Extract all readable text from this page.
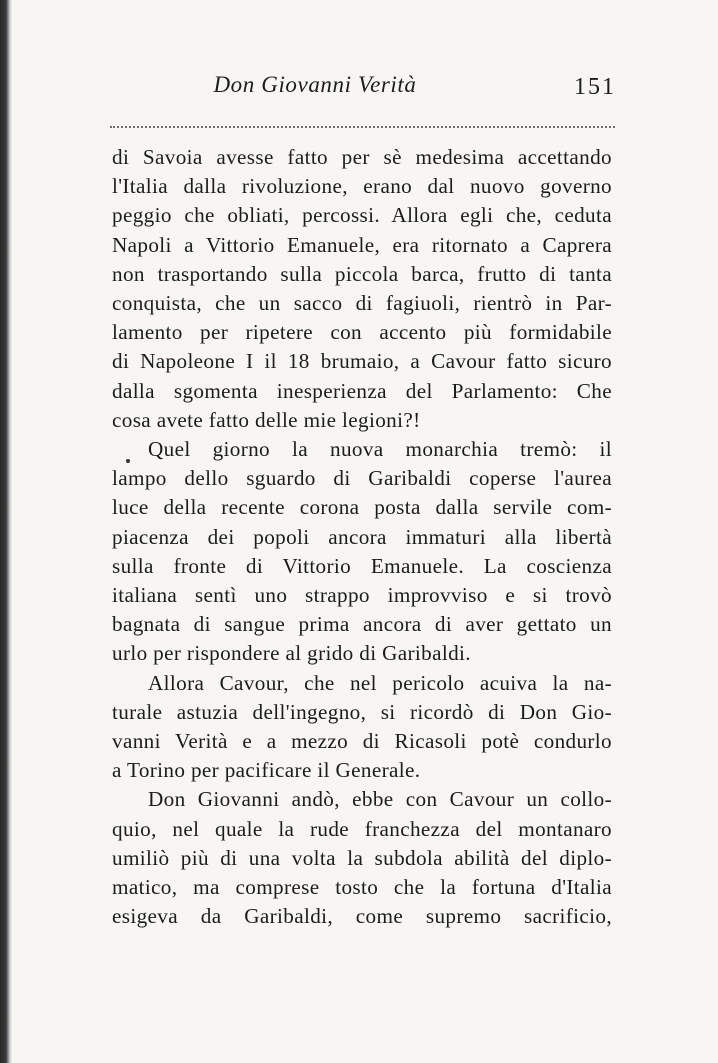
Don Giovanni Verità	151
di Savoia avesse fatto per sè medesima accettando
l'Italia dalla rivoluzione, erano dal nuovo governo
peggio che obliati, percossi. Allora egli che, ceduta
Napoli a Vittorio Emanuele, era ritornato a Caprera
non trasportando sulla piccola barca, frutto di tanta
conquista, che un sacco di fagiuoli, rientrò in Par-
lamento per ripetere con accento più formidabile
di Napoleone I il 18 brumaio, a Cavour fatto sicuro
dalla sgomenta inesperienza del Parlamento: Che
cosa avete fatto delle mie legioni?!
Quel giorno la nuova monarchia tremò: il
lampo dello sguardo di Garibaldi coperse l'aurea
luce della recente corona posta dalla servile com-
piacenza dei popoli ancora immaturi alla libertà
sulla fronte di Vittorio Emanuele. La coscienza
italiana sentì uno strappo improvviso e si trovò
bagnata di sangue prima ancora di aver gettato un
urlo per rispondere al grido di Garibaldi.
Allora Cavour, che nel pericolo acuiva la na-
turale astuzia dell'ingegno, si ricordò di Don Gio-
vanni Verità e a mezzo di Ricasoli potè condurlo
a Torino per pacificare il Generale.
Don Giovanni andò, ebbe con Cavour un collo-
quio, nel quale la rude franchezza del montanaro
umiliò più di una volta la subdola abilità del diplo-
matico, ma comprese tosto che la fortuna d'Italia
esigeva da Garibaldi, come supremo sacrificio,
